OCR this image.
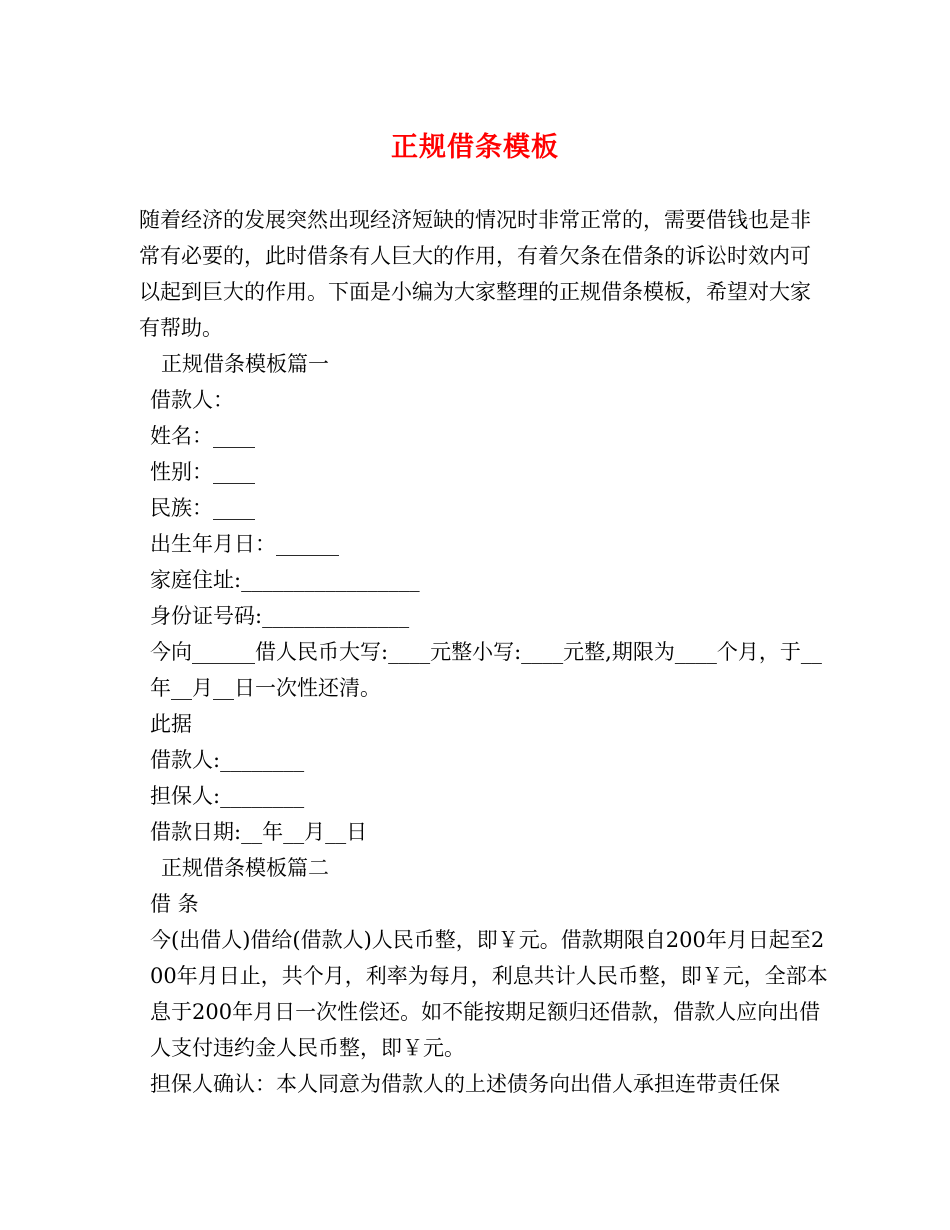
正规借条模板

随着经济的发展突然出现经济短缺的情况时非常正常的，需要借钱也是非常有必要的，此时借条有人巨大的作用，有着欠条在借条的诉讼时效内可以起到巨大的作用。下面是小编为大家整理的正规借条模板，希望对大家有帮助。

正规借条模板篇一

借款人：

姓名：____

性别：____

民族：____

出生年月日：______

家庭住址:_________________

身份证号码:______________

今向______借人民币大写:____元整小写:____元整,期限为____个月，于__年__月__日一次性还清。

此据

借款人:________

担保人:________

借款日期:__年__月__日

正规借条模板篇二

借 条

今(出借人)借给(借款人)人民币整，即￥元。借款期限自200年月日起至200年月日止，共个月，利率为每月，利息共计人民币整，即￥元，全部本息于200年月日一次性偿还。如不能按期足额归还借款，借款人应向出借人支付违约金人民币整，即￥元。

担保人确认：本人同意为借款人的上述债务向出借人承担连带责任保
